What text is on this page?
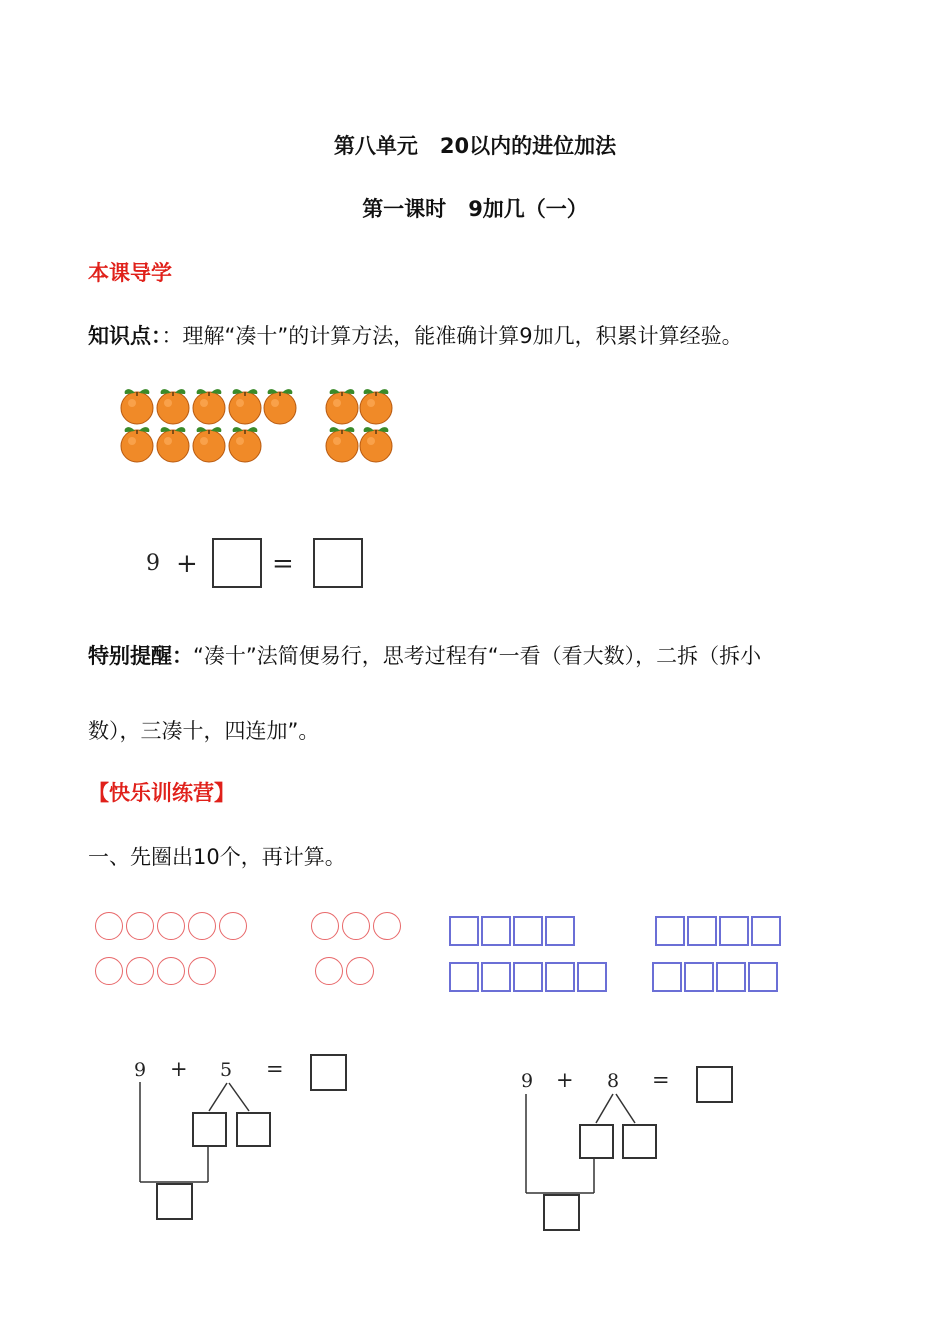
第八单元 20以内的进位加法
第一课时 9加几（一）
本课导学
知识点：：理解“凑十”的计算方法，能准确计算9加几，积累计算经验。
9 +	=
特别提醒：“凑十”法简便易行，思考过程有“一看（看大数），二拆（拆小
数），三凑十，四连加”。
【快乐训练营】
一、先圈出10个，再计算。
9 + 5 =	9 + 8 =
